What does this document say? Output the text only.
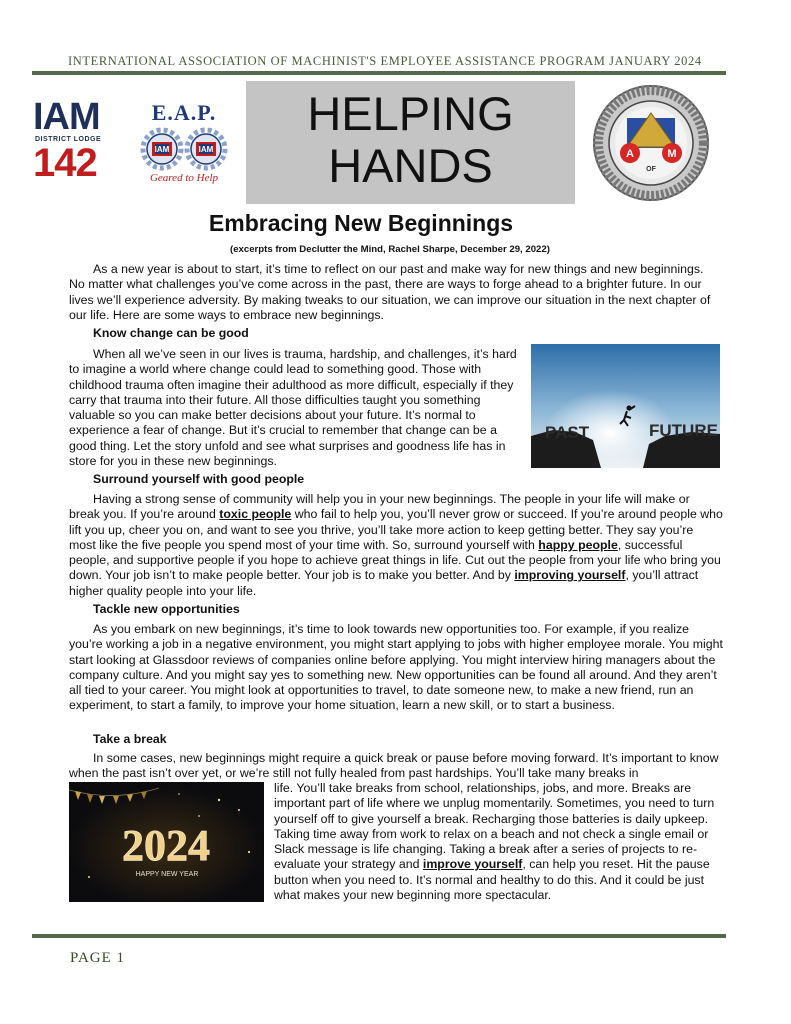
INTERNATIONAL ASSOCIATION OF MACHINIST'S EMPLOYEE ASSISTANCE PROGRAM JANUARY 2024
IAM
DISTRICT LODGE
142
E.A.P.
IAM	IAM
Geared to Help
HELPING
HANDS	A	M
OF
Embracing New Beginnings
(excerpts from Declutter the Mind, Rachel Sharpe, December 29, 2022)
As a new year is about to start, it’s time to reflect on our past and make way for new things and new beginnings. No matter what challenges you’ve come across in the past, there are ways to forge ahead to a brighter future. In our lives we’ll experience adversity. By making tweaks to our situation, we can improve our situation in the next chapter of our life. Here are some ways to embrace new beginnings.
Know change can be good
When all we’ve seen in our lives is trauma, hardship, and challenges, it’s hard to imagine a world where change could lead to something good. Those with childhood trauma often imagine their adulthood as more difficult, especially if they carry that trauma into their future. All those difficulties taught you something valuable so you can make better decisions about your future. It’s normal to experience a fear of change. But it’s crucial to remember that change can be a good thing. Let the story unfold and see what surprises and goodness life has in store for you in these new beginnings.
PAST	FUTURE
Surround yourself with good people
Having a strong sense of community will help you in your new beginnings. The people in your life will make or break you. If you’re around toxic people who fail to help you, you’ll never grow or succeed. If you’re around people who lift you up, cheer you on, and want to see you thrive, you’ll take more action to keep getting better. They say you’re most like the five people you spend most of your time with. So, surround yourself with happy people, successful people, and supportive people if you hope to achieve great things in life. Cut out the people from your life who bring you down. Your job isn’t to make people better. Your job is to make you better. And by improving yourself, you’ll attract higher quality people into your life.
Tackle new opportunities
As you embark on new beginnings, it’s time to look towards new opportunities too. For example, if you realize you’re working a job in a negative environment, you might start applying to jobs with higher employee morale. You might start looking at Glassdoor reviews of companies online before applying. You might interview hiring managers about the company culture. And you might say yes to something new. New opportunities can be found all around. And they aren’t all tied to your career. You might look at opportunities to travel, to date someone new, to make a new friend, run an experiment, to start a family, to improve your home situation, learn a new skill, or to start a business.
Take a break
In some cases, new beginnings might require a quick break or pause before moving forward. It’s important to know when the past isn’t over yet, or we’re still not fully healed from past hardships. You’ll take many breaks in
life. You’ll take breaks from school, relationships, jobs, and more. Breaks are important part of life where we unplug momentarily. Sometimes, you need to turn yourself off to give yourself a break. Recharging those batteries is daily upkeep. Taking time away from work to relax on a beach and not check a single email or Slack message is life changing. Taking a break after a series of projects to re-evaluate your strategy and improve yourself, can help you reset. Hit the pause button when you need to. It’s normal and healthy to do this. And it could be just what makes your new beginning more spectacular.
2024
HAPPY NEW YEAR
PAGE 1
